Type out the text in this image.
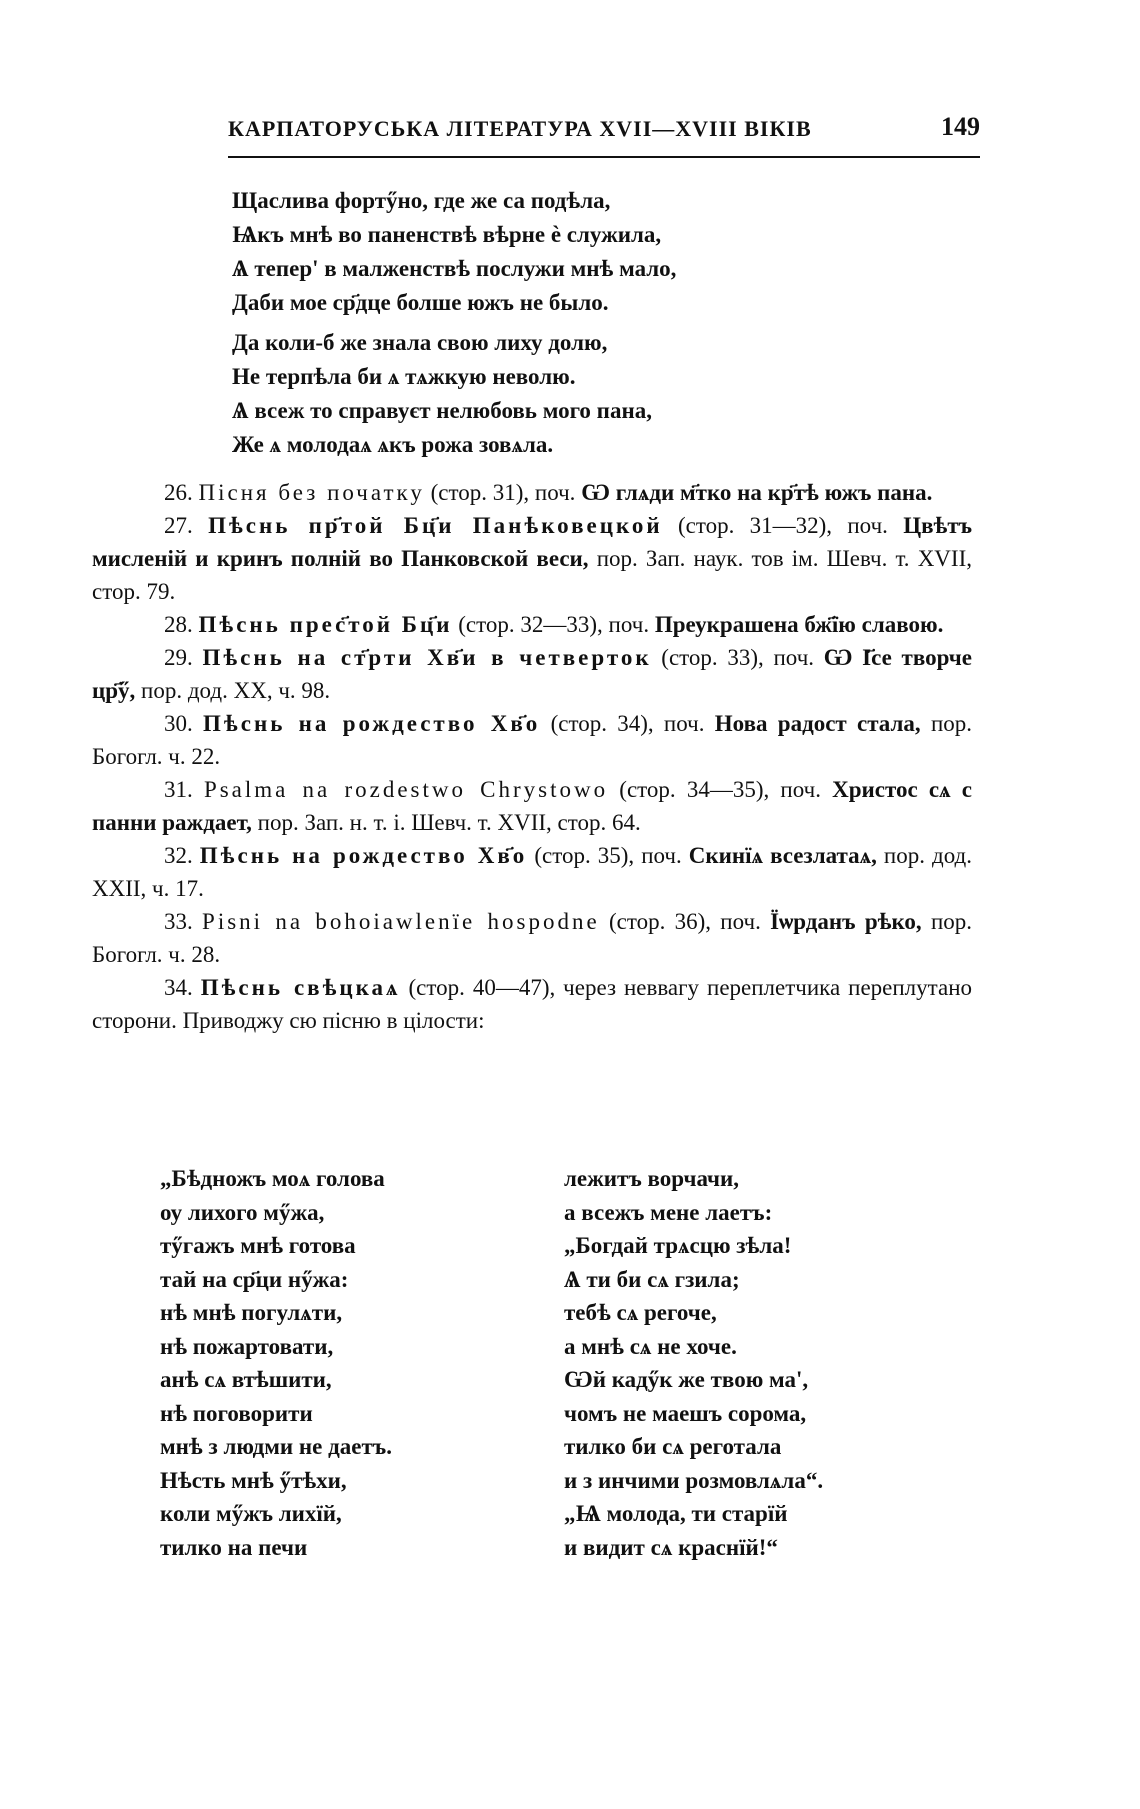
КАРПАТОРУСЬКА ЛІТЕРАТУРА XVII—XVIII ВІКІВ	149
Щаслива фортӳно, где же са подѣла,
Ѩкъ мнѣ во паненствѣ вѣрне ѐ служила,
Ѧ тепер' в малженствѣ послужи мнѣ мало,
Даби мое ср҃дце болше южъ не было.
Да коли-б же знала свою лиху долю,
Не терпѣла би ѧ тѧжкую неволю.
Ѧ всеж то справуєт нелюбовь мого пана,
Же ѧ молодаѧ ѧкъ рожа зовѧла.

26. Пісня без початку (стор. 31), поч. Ѡ глѧди м҃тко на кр҃тѣ южъ пана.

27. Пѣснь пр҃той Бц҃и Панѣковецкой (стор. 31—32), поч. Цвѣтъ мисленій и кринъ полній во Панковской веси, пор. Зап. наук. тов ім. Шевч. т. XVII, стор. 79.

28. Пѣснь прес҃той Бц҃и (стор. 32—33), поч. Преукрашена бж҃їю славою.

29. Пѣснь на ст҃рти Хв҃и в четверток (стор. 33), поч. Ѡ І҃се творче цр҃ӳ, пор. дод. XX, ч. 98.

30. Пѣснь на рождество Хв҃о (стор. 34), поч. Нова радост стала, пор. Богогл. ч. 22.

31. Psalma na rozdestwo Chrystowo (стор. 34—35), поч. Христос сѧ с панни раждает, пор. Зап. н. т. і. Шевч. т. XVII, стор. 64.

32. Пѣснь на рождество Хв҃о (стор. 35), поч. Скинїѧ всезлатаѧ, пор. дод. XXII, ч. 17.

33. Pisni na bohoiawlenïe hospodne (стор. 36), поч. Їѡрданъ рѣко, пор. Богогл. ч. 28.

34. Пѣснь свѣцкаѧ (стор. 40—47), через неввагу переплетчика переплутано сторони. Приводжу сю пісню в цілости:

„Бѣдножъ моѧ голова
оу лихого мӳжа,
тӳгажъ мнѣ готова
тай на ср҃ци нӳжа:
нѣ мнѣ погулѧти,
нѣ пожартовати,
анѣ сѧ втѣшити,
нѣ поговорити
мнѣ з людми не даетъ.
Нѣсть мнѣ ӳтѣхи,
коли мӳжъ лихїй,
тилко на печи
лежитъ ворчачи,
а всежъ мене лаетъ:
„Богдай трѧсцю зѣла!
Ѧ ти би сѧ гзила;
тебѣ сѧ регоче,
а мнѣ сѧ не хоче.
Ѡй кадӳк же твою ма',
чомъ не маешъ сорома,
тилко би сѧ реготала
и з инчими розмовлѧла“.
„Ѩ молода, ти старїй
и видит сѧ краснїй!“
